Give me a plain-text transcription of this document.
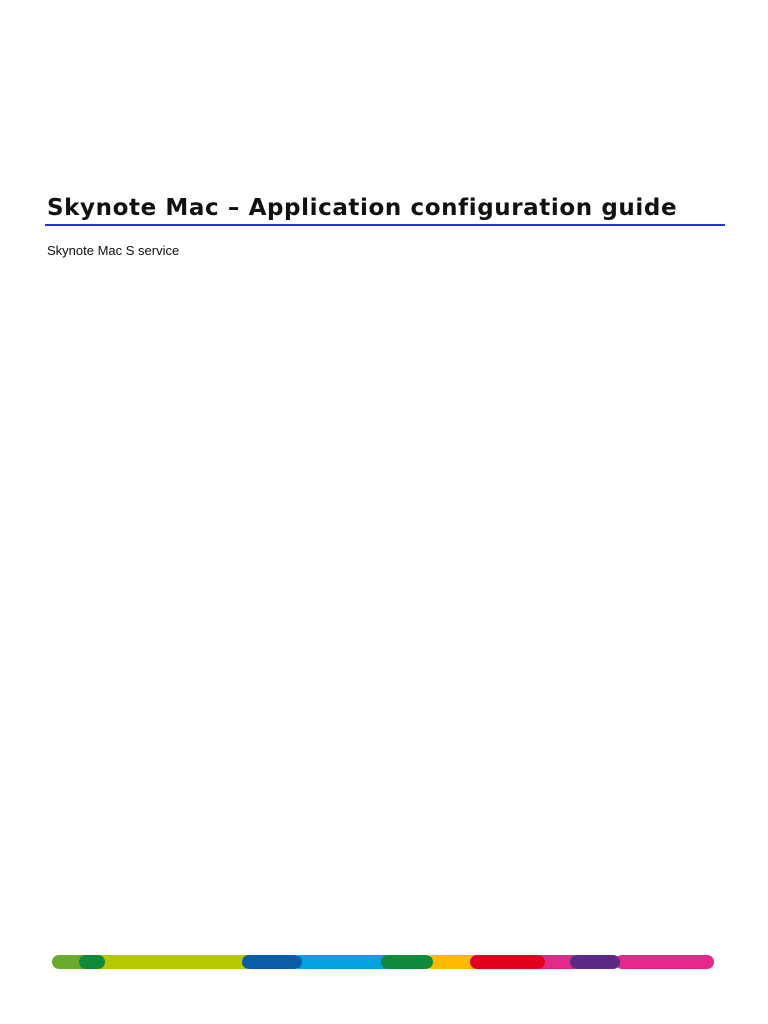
Skynote Mac – Application configuration guide

Skynote Mac S service
